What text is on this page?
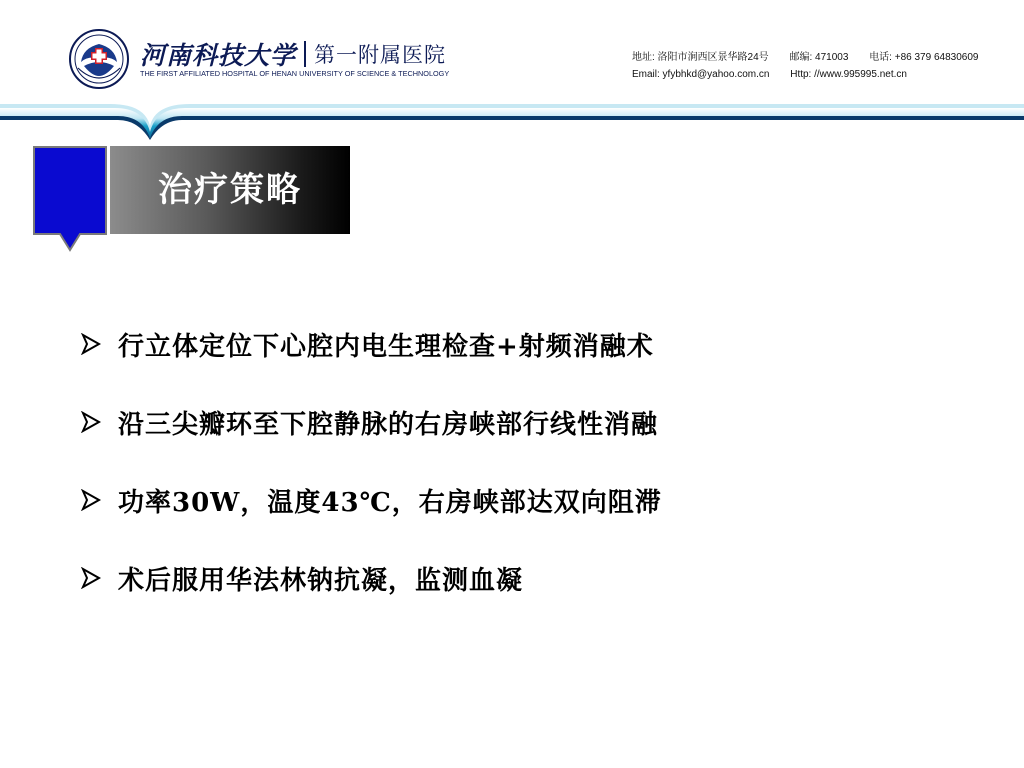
河南科技大学 第一附属医院
THE FIRST AFFILIATED HOSPITAL OF HENAN UNIVERSITY OF SCIENCE & TECHNOLOGY
地址: 洛阳市涧西区景华路24号 邮编: 471003 电话: +86 379 64830609
Email: yfybhkd@yahoo.com.cn Http: //www.995995.net.cn
治疗策略
行立体定位下心腔内电生理检查+射频消融术
沿三尖瓣环至下腔静脉的右房峡部行线性消融
功率30W，温度43℃，右房峡部达双向阻滞
术后服用华法林钠抗凝，监测血凝
